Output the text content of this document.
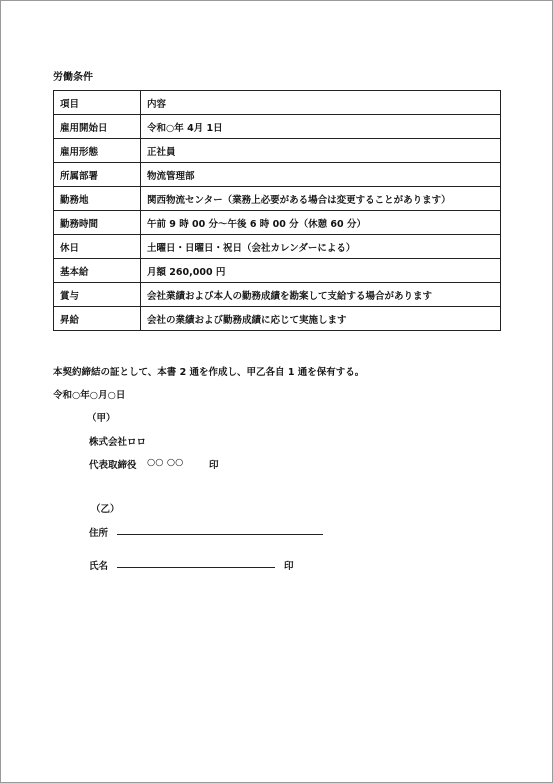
労働条件
項目	内容
雇用開始日	令和○年 4月 1日
雇用形態	正社員
所属部署	物流管理部
勤務地	関西物流センター（業務上必要がある場合は変更することがあります）
勤務時間	午前 9 時 00 分～午後 6 時 00 分（休憩 60 分）
休日	土曜日・日曜日・祝日（会社カレンダーによる）
基本給	月額 260,000 円
賞与	会社業績および本人の勤務成績を勘案して支給する場合があります
昇給	会社の業績および勤務成績に応じて実施します
本契約締結の証として、本書 2 通を作成し、甲乙各自 1 通を保有する。
令和○年○月○日
（甲）
株式会社ロロ
代表取締役 ○○ ○○	印
（乙）
住所
氏名	印
